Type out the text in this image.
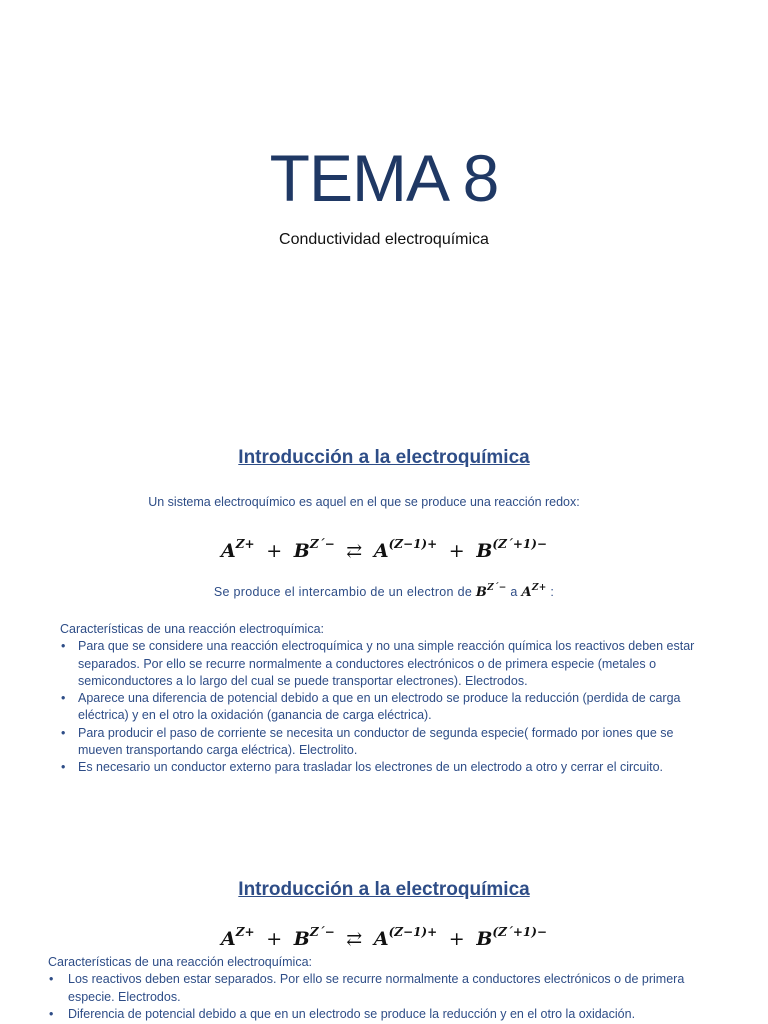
TEMA 8
Conductividad electroquímica
Introducción a la electroquímica
Un sistema electroquímico es aquel en el que se produce una reacción redox:
$A^{Z+} + B^{Z´-}$ ⇄ $A^{(Z-1)+} + B^{(Z´+1)-}$
Se produce el intercambio de un electron de $B^{Z´-}$ a $A^{Z+}$ :
Características de una reacción electroquímica:
• Para que se considere una reacción electroquímica y no una simple reacción química los reactivos deben estar separados. Por ello se recurre normalmente a conductores electrónicos o de primera especie (metales o semiconductores a lo largo del cual se puede transportar electrones). Electrodos.
• Aparece una diferencia de potencial debido a que en un electrodo se produce la reducción (perdida de carga eléctrica) y en el otro la oxidación (ganancia de carga eléctrica).
• Para producir el paso de corriente se necesita un conductor de segunda especie( formado por iones que se mueven transportando carga eléctrica). Electrolito.
• Es necesario un conductor externo para trasladar los electrones de un electrodo a otro y cerrar el circuito.
Introducción a la electroquímica
$A^{Z+} + B^{Z´-}$ ⇄ $A^{(Z-1)+} + B^{(Z´+1)-}$
Características de una reacción electroquímica:
• Los reactivos deben estar separados. Por ello se recurre normalmente a conductores electrónicos o de primera especie. Electrodos.
• Diferencia de potencial debido a que en un electrodo se produce la reducción y en el otro la oxidación.
